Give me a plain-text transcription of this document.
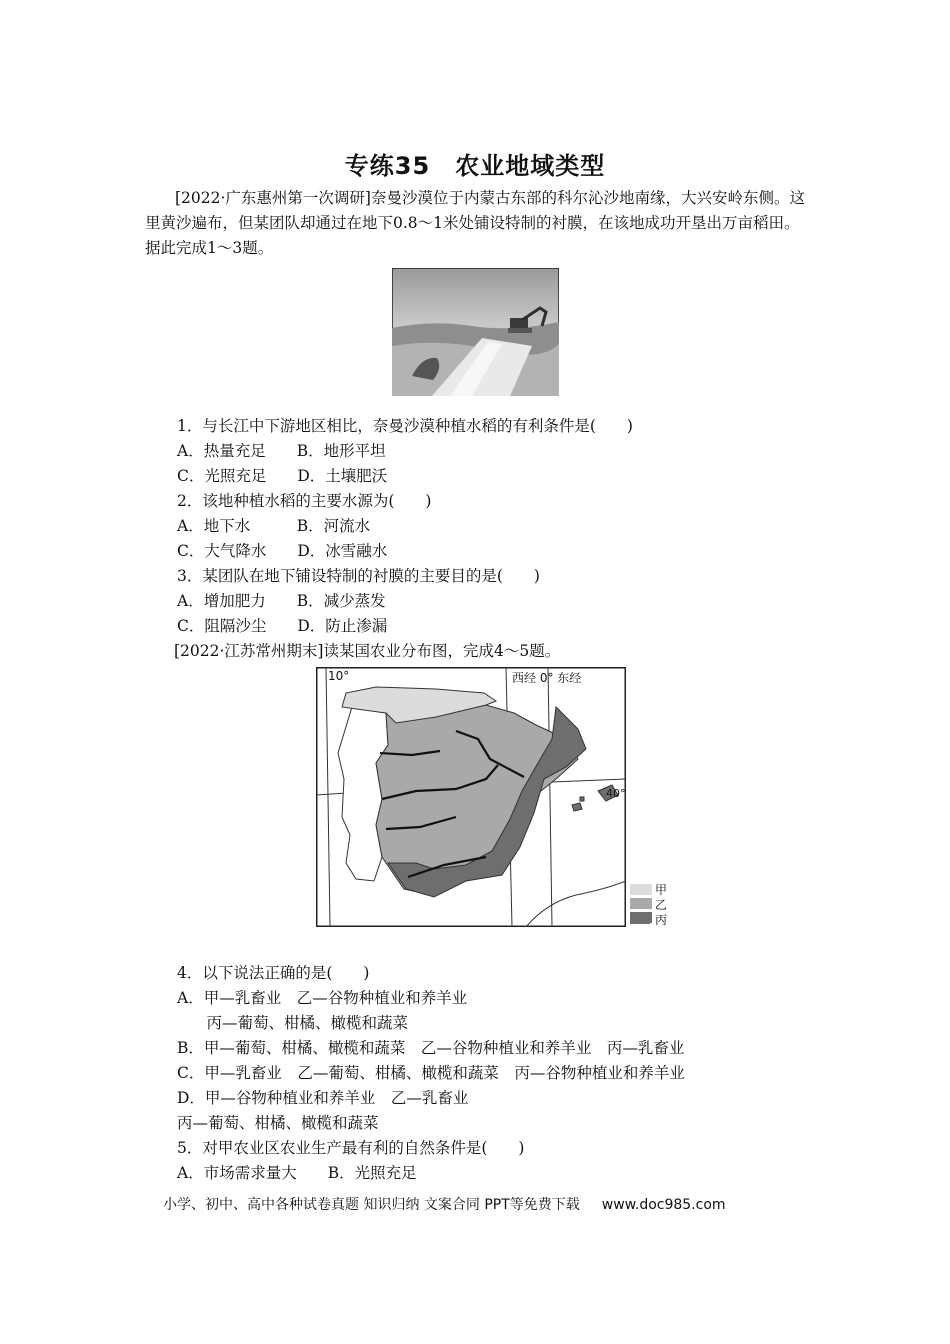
专练35　农业地域类型
[2022·广东惠州第一次调研]奈曼沙漠位于内蒙古东部的科尔沁沙地南缘，大兴安岭东侧。这里黄沙遍布，但某团队却通过在地下0.8～1米处铺设特制的衬膜，在该地成功开垦出万亩稻田。据此完成1～3题。
1．与长江中下游地区相比，奈曼沙漠种植水稻的有利条件是(　　)
A．热量充足　　B．地形平坦
C．光照充足　　D．土壤肥沃
2．该地种植水稻的主要水源为(　　)
A．地下水　　　B．河流水
C．大气降水　　D．冰雪融水
3．某团队在地下铺设特制的衬膜的主要目的是(　　)
A．增加肥力　　B．减少蒸发
C．阻隔沙尘　　D．防止渗漏
[2022·江苏常州期末]读某国农业分布图，完成4～5题。
10°	西经 0° 东经
40°
甲
乙
丙
4．以下说法正确的是(　　)
A．甲—乳畜业　乙—谷物种植业和养羊业
　丙—葡萄、柑橘、橄榄和蔬菜
B．甲—葡萄、柑橘、橄榄和蔬菜　乙—谷物种植业和养羊业　丙—乳畜业
C．甲—乳畜业　乙—葡萄、柑橘、橄榄和蔬菜　丙—谷物种植业和养羊业
D．甲—谷物种植业和养羊业　乙—乳畜业
丙—葡萄、柑橘、橄榄和蔬菜
5．对甲农业区农业生产最有利的自然条件是(　　)
A．市场需求量大　　B．光照充足
小学、初中、高中各种试卷真题 知识归纳 文案合同 PPT等免费下载 www.doc985.com
